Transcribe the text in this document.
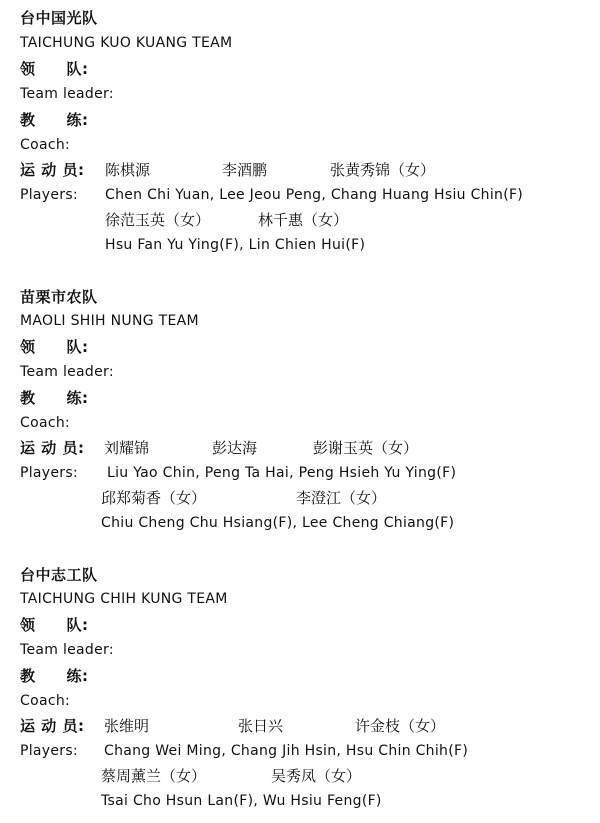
台中国光队
TAICHUNG KUO KUANG TEAM
领　　队:
Team leader:
教　　练:
Coach:
运 动 员: 陈棋源	李酒鹏	张黄秀锦（女）
Players: Chen Chi Yuan, Lee Jeou Peng, Chang Huang Hsiu Chin(F)
徐范玉英（女）	林千惠（女）
Hsu Fan Yu Ying(F), Lin Chien Hui(F)
苗栗市农队
MAOLI SHIH NUNG TEAM
领　　队:
Team leader:
教　　练:
Coach:
运 动 员: 刘耀锦	彭达海	彭谢玉英（女）
Players: Liu Yao Chin, Peng Ta Hai, Peng Hsieh Yu Ying(F)
邱郑菊香（女）	李澄江（女）
Chiu Cheng Chu Hsiang(F), Lee Cheng Chiang(F)
台中志工队
TAICHUNG CHIH KUNG TEAM
领　　队:
Team leader:
教　　练:
Coach:
运 动 员: 张维明	张日兴	许金枝（女）
Players: Chang Wei Ming, Chang Jih Hsin, Hsu Chin Chih(F)
蔡周薰兰（女）	吴秀凤（女）
Tsai Cho Hsun Lan(F), Wu Hsiu Feng(F)
